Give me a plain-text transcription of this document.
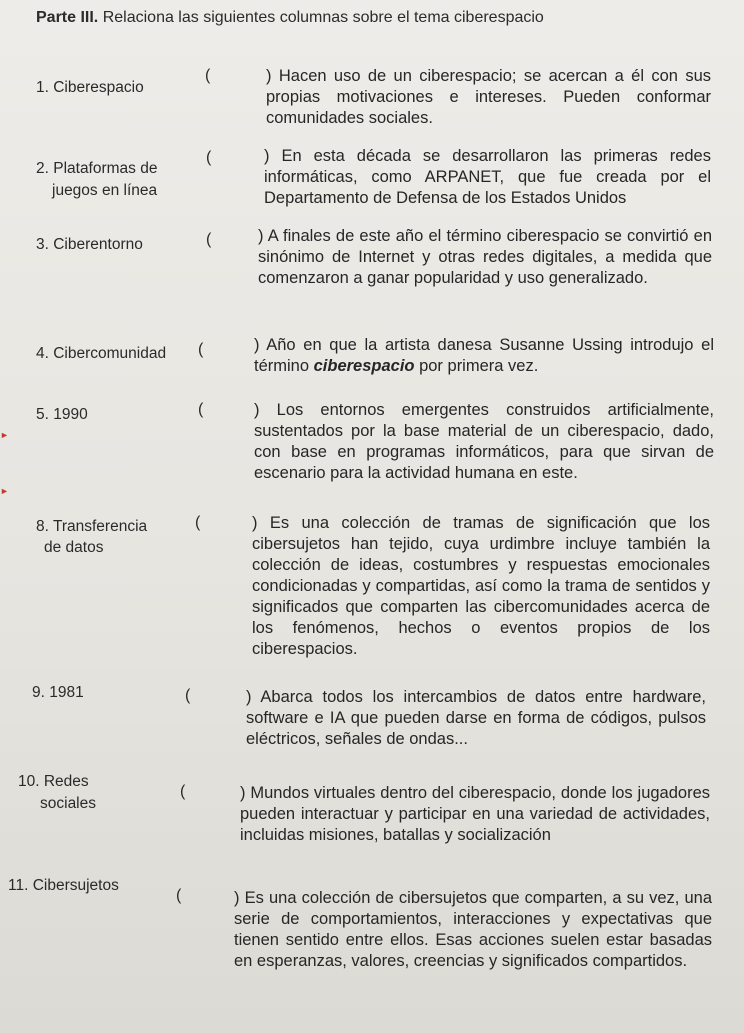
Parte III. Relaciona las siguientes columnas sobre el tema ciberespacio
1. Ciberespacio
(	) Hacen uso de un ciberespacio; se acercan a él con sus propias motivaciones e intereses. Pueden conformar comunidades sociales.
2. Plataformas de
juegos en línea
(	) En esta década se desarrollaron las primeras redes informáticas, como ARPANET, que fue creada por el Departamento de Defensa de los Estados Unidos
3. Ciberentorno	(	) A finales de este año el término ciberespacio se convirtió en sinónimo de Internet y otras redes digitales, a medida que comenzaron a ganar popularidad y uso generalizado.
4. Cibercomunidad (	) Año en que la artista danesa Susanne Ussing introdujo el término ciberespacio por primera vez.
5. 1990	(	) Los entornos emergentes construidos artificialmente, sustentados por la base material de un ciberespacio, dado, con base en programas informáticos, para que sirvan de escenario para la actividad humana en este.
►
►
8. Transferencia
de datos
(	) Es una colección de tramas de significación que los cibersujetos han tejido, cuya urdimbre incluye también la colección de ideas, costumbres y respuestas emocionales condicionadas y compartidas, así como la trama de sentidos y significados que comparten las cibercomunidades acerca de los fenómenos, hechos o eventos propios de los ciberespacios.
9. 1981	(	) Abarca todos los intercambios de datos entre hardware, software e IA que pueden darse en forma de códigos, pulsos eléctricos, señales de ondas...
10. Redes
sociales
(	) Mundos virtuales dentro del ciberespacio, donde los jugadores pueden interactuar y participar en una variedad de actividades, incluidas misiones, batallas y socialización
11. Cibersujetos
(	) Es una colección de cibersujetos que comparten, a su vez, una serie de comportamientos, interacciones y expectativas que tienen sentido entre ellos. Esas acciones suelen estar basadas en esperanzas, valores, creencias y significados compartidos.
